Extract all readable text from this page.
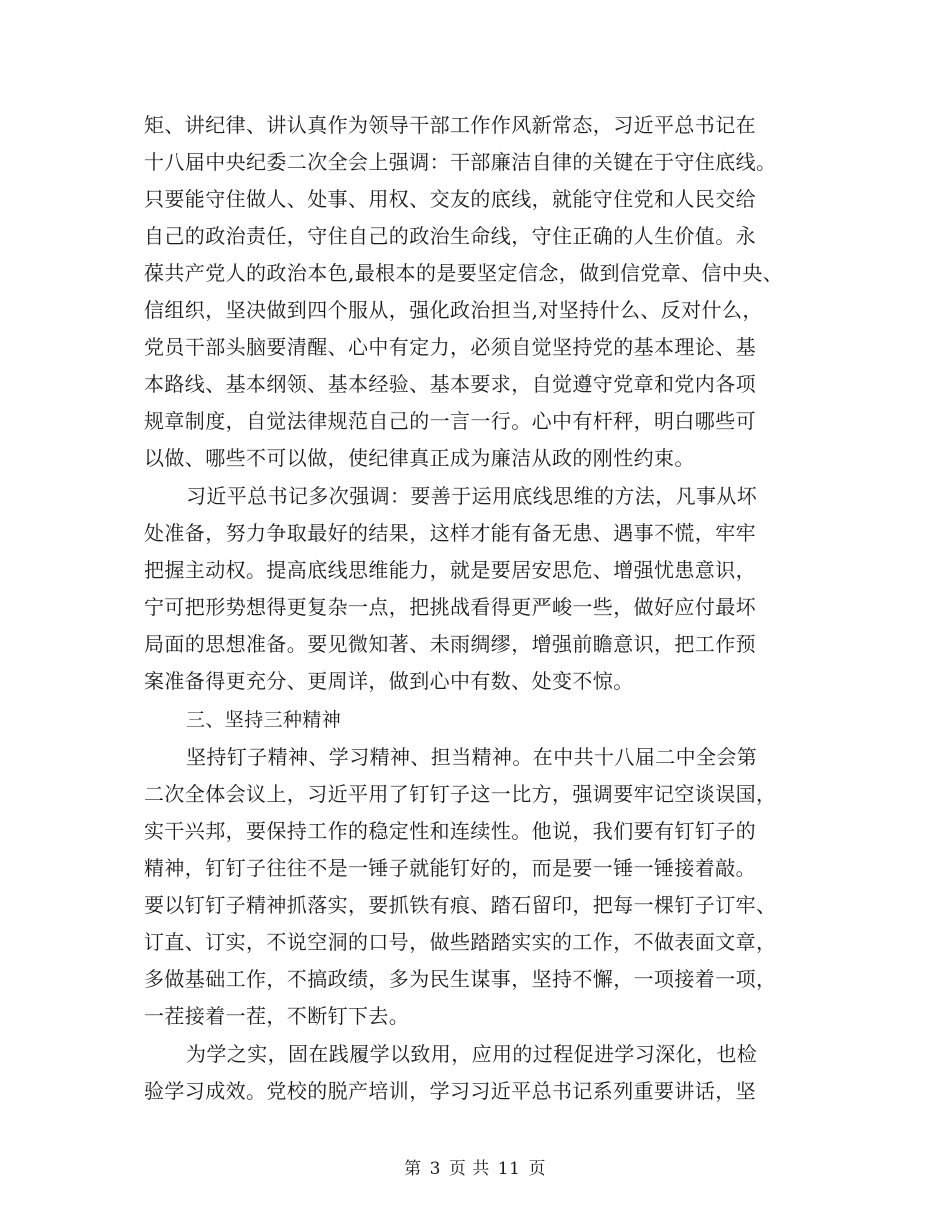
矩、讲纪律、讲认真作为领导干部工作作风新常态，习近平总书记在
十八届中央纪委二次全会上强调：干部廉洁自律的关键在于守住底线。
只要能守住做人、处事、用权、交友的底线，就能守住党和人民交给
自己的政治责任，守住自己的政治生命线，守住正确的人生价值。永
葆共产党人的政治本色,最根本的是要坚定信念，做到信党章、信中央、
信组织，坚决做到四个服从，强化政治担当,对坚持什么、反对什么，
党员干部头脑要清醒、心中有定力，必须自觉坚持党的基本理论、基
本路线、基本纲领、基本经验、基本要求，自觉遵守党章和党内各项
规章制度，自觉法律规范自己的一言一行。心中有杆秤，明白哪些可
以做、哪些不可以做，使纪律真正成为廉洁从政的刚性约束。
习近平总书记多次强调：要善于运用底线思维的方法，凡事从坏
处准备，努力争取最好的结果，这样才能有备无患、遇事不慌，牢牢
把握主动权。提高底线思维能力，就是要居安思危、增强忧患意识，
宁可把形势想得更复杂一点，把挑战看得更严峻一些，做好应付最坏
局面的思想准备。要见微知著、未雨绸缪，增强前瞻意识，把工作预
案准备得更充分、更周详，做到心中有数、处变不惊。
三、坚持三种精神
坚持钉子精神、学习精神、担当精神。在中共十八届二中全会第
二次全体会议上，习近平用了钉钉子这一比方，强调要牢记空谈误国，
实干兴邦，要保持工作的稳定性和连续性。他说，我们要有钉钉子的
精神，钉钉子往往不是一锤子就能钉好的，而是要一锤一锤接着敲。
要以钉钉子精神抓落实，要抓铁有痕、踏石留印，把每一棵钉子订牢、
订直、订实，不说空洞的口号，做些踏踏实实的工作，不做表面文章，
多做基础工作，不搞政绩，多为民生谋事，坚持不懈，一项接着一项，
一茬接着一茬，不断钉下去。
为学之实，固在践履学以致用，应用的过程促进学习深化，也检
验学习成效。党校的脱产培训，学习习近平总书记系列重要讲话，坚
第 3 页 共 11 页
